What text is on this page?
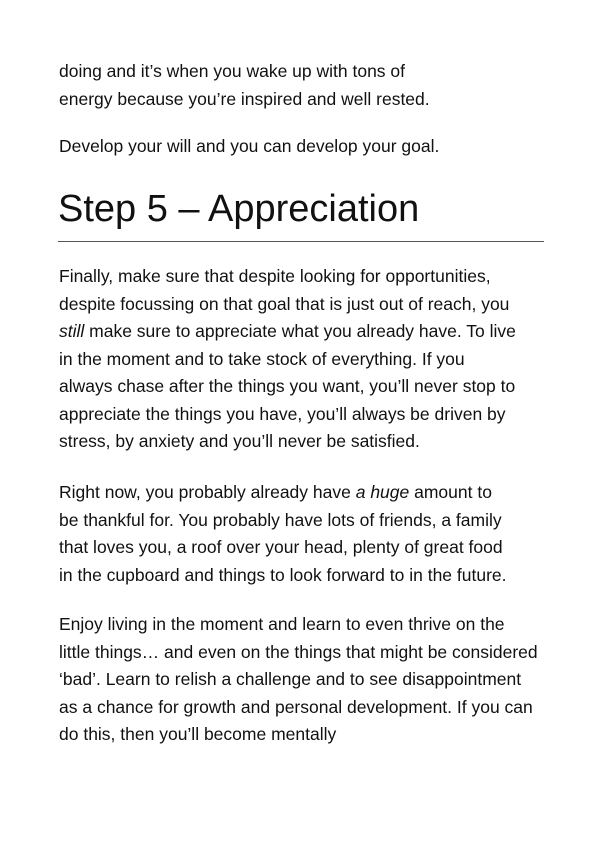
doing and it’s when you wake up with tons of
energy because you’re inspired and well rested.

Develop your will and you can develop your goal.

Step 5 – Appreciation

Finally, make sure that despite looking for opportunities,
despite focussing on that goal that is just out of reach, you
still make sure to appreciate what you already have. To live
in the moment and to take stock of everything. If you
always chase after the things you want, you’ll never stop to
appreciate the things you have, you’ll always be driven by
stress, by anxiety and you’ll never be satisfied.

Right now, you probably already have a huge amount to
be thankful for. You probably have lots of friends, a family
that loves you, a roof over your head, plenty of great food
in the cupboard and things to look forward to in the future.

Enjoy living in the moment and learn to even thrive on the
little things… and even on the things that might be considered
‘bad’. Learn to relish a challenge and to see disappointment
as a chance for growth and personal development. If you can
do this, then you’ll become mentally
